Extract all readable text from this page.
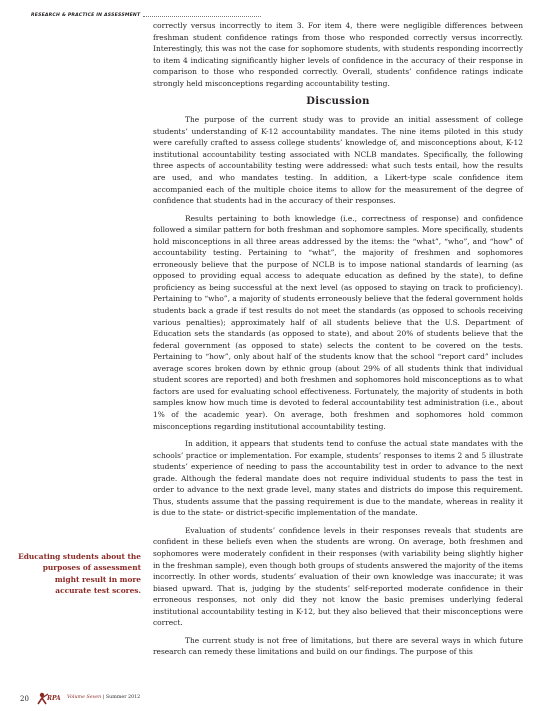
RESEARCH & PRACTICE IN ASSESSMENT

correctly versus incorrectly to item 3. For item 4, there were negligible differences between freshman student confidence ratings from those who responded correctly versus incorrectly. Interestingly, this was not the case for sophomore students, with students responding incorrectly to item 4 indicating significantly higher levels of confidence in the accuracy of their response in comparison to those who responded correctly. Overall, students’ confidence ratings indicate strongly held misconceptions regarding accountability testing.

Discussion

The purpose of the current study was to provide an initial assessment of college students’ understanding of K-12 accountability mandates. The nine items piloted in this study were carefully crafted to assess college students’ knowledge of, and misconceptions about, K-12 institutional accountability testing associated with NCLB mandates. Specifically, the following three aspects of accountability testing were addressed: what such tests entail, how the results are used, and who mandates testing. In addition, a Likert-type scale confidence item accompanied each of the multiple choice items to allow for the measurement of the degree of confidence that students had in the accuracy of their responses.

Results pertaining to both knowledge (i.e., correctness of response) and confidence followed a similar pattern for both freshman and sophomore samples. More specifically, students hold misconceptions in all three areas addressed by the items: the “what”, “who”, and “how” of accountability testing. Pertaining to “what”, the majority of freshmen and sophomores erroneously believe that the purpose of NCLB is to impose national standards of learning (as opposed to providing equal access to adequate education as defined by the state), to define proficiency as being successful at the next level (as opposed to staying on track to proficiency). Pertaining to “who”, a majority of students erroneously believe that the federal government holds students back a grade if test results do not meet the standards (as opposed to schools receiving various penalties); approximately half of all students believe that the U.S. Department of Education sets the standards (as opposed to state), and about 20% of students believe that the federal government (as opposed to state) selects the content to be covered on the tests. Pertaining to “how”, only about half of the students know that the school “report card” includes average scores broken down by ethnic group (about 29% of all students think that individual student scores are reported) and both freshmen and sophomores hold misconceptions as to what factors are used for evaluating school effectiveness. Fortunately, the majority of students in both samples know how much time is devoted to federal accountability test administration (i.e., about 1% of the academic year). On average, both freshmen and sophomores hold common misconceptions regarding institutional accountability testing.

In addition, it appears that students tend to confuse the actual state mandates with the schools’ practice or implementation. For example, students’ responses to items 2 and 5 illustrate students’ experience of needing to pass the accountability test in order to advance to the next grade. Although the federal mandate does not require individual students to pass the test in order to advance to the next grade level, many states and districts do impose this requirement. Thus, students assume that the passing requirement is due to the mandate, whereas in reality it is due to the state- or district-specific implementation of the mandate.

Evaluation of students’ confidence levels in their responses reveals that students are confident in these beliefs even when the students are wrong. On average, both freshmen and sophomores were moderately confident in their responses (with variability being slightly higher in the freshman sample), even though both groups of students answered the majority of the items incorrectly. In other words, students’ evaluation of their own knowledge was inaccurate; it was biased upward. That is, judging by the students’ self-reported moderate confidence in their erroneous responses, not only did they not know the basic premises underlying federal institutional accountability testing in K-12, but they also believed that their misconceptions were correct.

The current study is not free of limitations, but there are several ways in which future research can remedy these limitations and build on our findings. The purpose of this

Educating students about the purposes of assessment might result in more accurate test scores.
20	RPA Volume Seven | Summer 2012
